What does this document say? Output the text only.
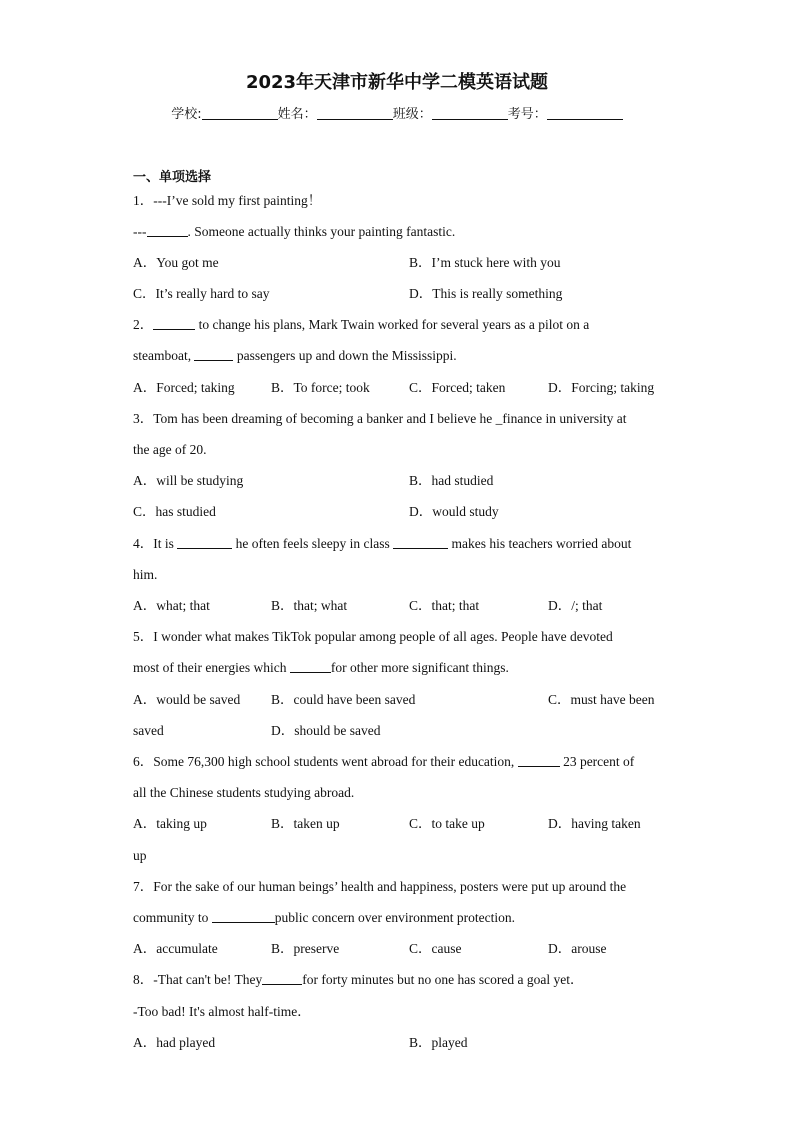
2023年天津市新华中学二模英语试题
学校:	姓名：	班级：	考号：
一、单项选择
1．---I’ve sold my first painting！
---	. Someone actually thinks your painting fantastic.
A．You got me	B．I’m stuck here with you
C．It’s really hard to say	D．This is really something
2．	to change his plans, Mark Twain worked for several years as a pilot on a
steamboat,	passengers up and down the Mississippi.
A．Forced; taking	B．To force; took	C．Forced; taken	D．Forcing; taking
3．Tom has been dreaming of becoming a banker and I believe he _finance in university at
the age of 20.
A．will be studying	B．had studied
C．has studied	D．would study
4．It is	he often feels sleepy in class	makes his teachers worried about
him.
A．what; that	B．that; what	C．that; that	D．/; that
5．I wonder what makes TikTok popular among people of all ages. People have devoted
most of their energies which	for other more significant things.
A．would be saved B．could have been saved	C．must have been
saved	D．should be saved
6．Some 76,300 high school students went abroad for their education,	23 percent of
all the Chinese students studying abroad.
A．taking up	B．taken up	C．to take up	D．having taken
up
7．For the sake of our human beings’ health and happiness, posters were put up around the
community to	public concern over environment protection.
A．accumulate	B．preserve	C．cause	D．arouse
8．-That can't be! They	for forty minutes but no one has scored a goal yet．
-Too bad! It's almost half-time．
A．had played	B．played
